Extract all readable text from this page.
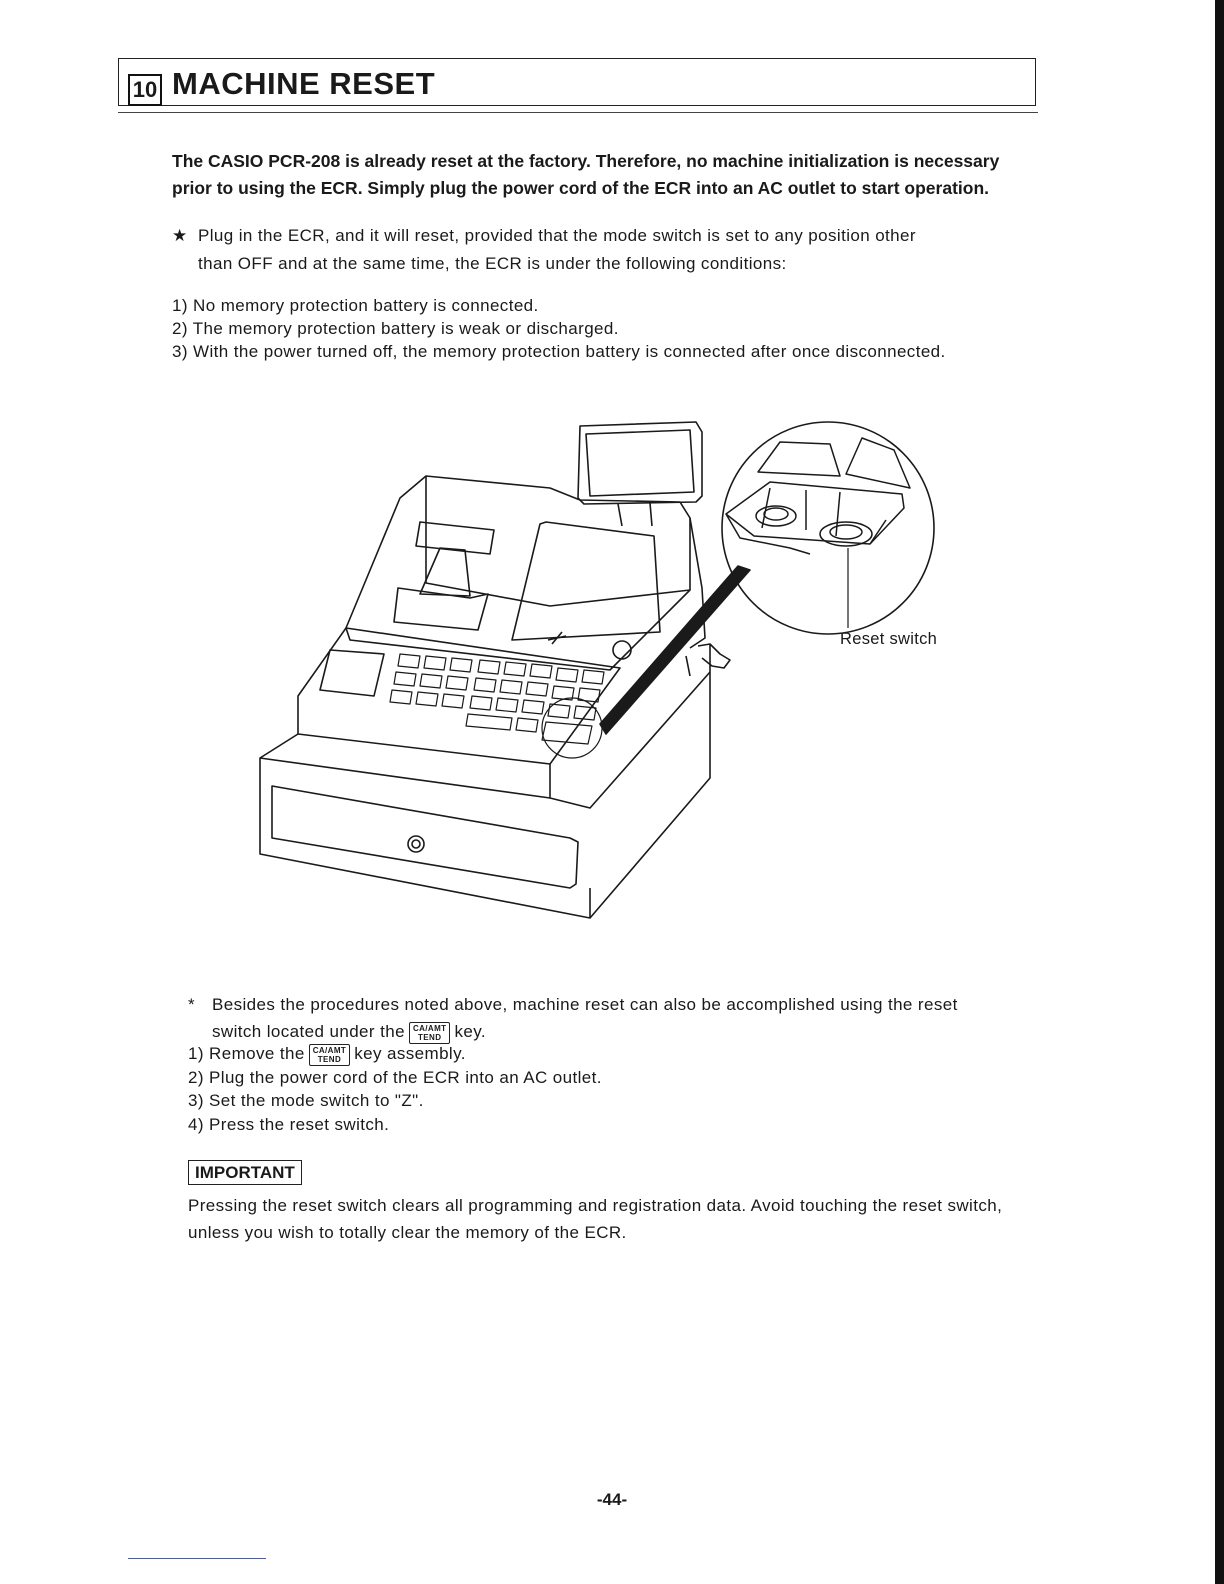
10 MACHINE RESET
The CASIO PCR-208 is already reset at the factory. Therefore, no machine initialization is necessary prior to using the ECR. Simply plug the power cord of the ECR into an AC outlet to start operation.
★ Plug in the ECR, and it will reset, provided that the mode switch is set to any position other
than OFF and at the same time, the ECR is under the following conditions:
1) No memory protection battery is connected.
2) The memory protection battery is weak or discharged.
3) With the power turned off, the memory protection battery is connected after once disconnected.
Reset switch
* Besides the procedures noted above, machine reset can also be accomplished using the reset
switch located under the CA/AMT
TEND key.
1) Remove the CA/AMT
TEND key assembly.
2) Plug the power cord of the ECR into an AC outlet.
3) Set the mode switch to "Z".
4) Press the reset switch.
IMPORTANT
Pressing the reset switch clears all programming and registration data. Avoid touching the reset switch, unless you wish to totally clear the memory of the ECR.
-44-
